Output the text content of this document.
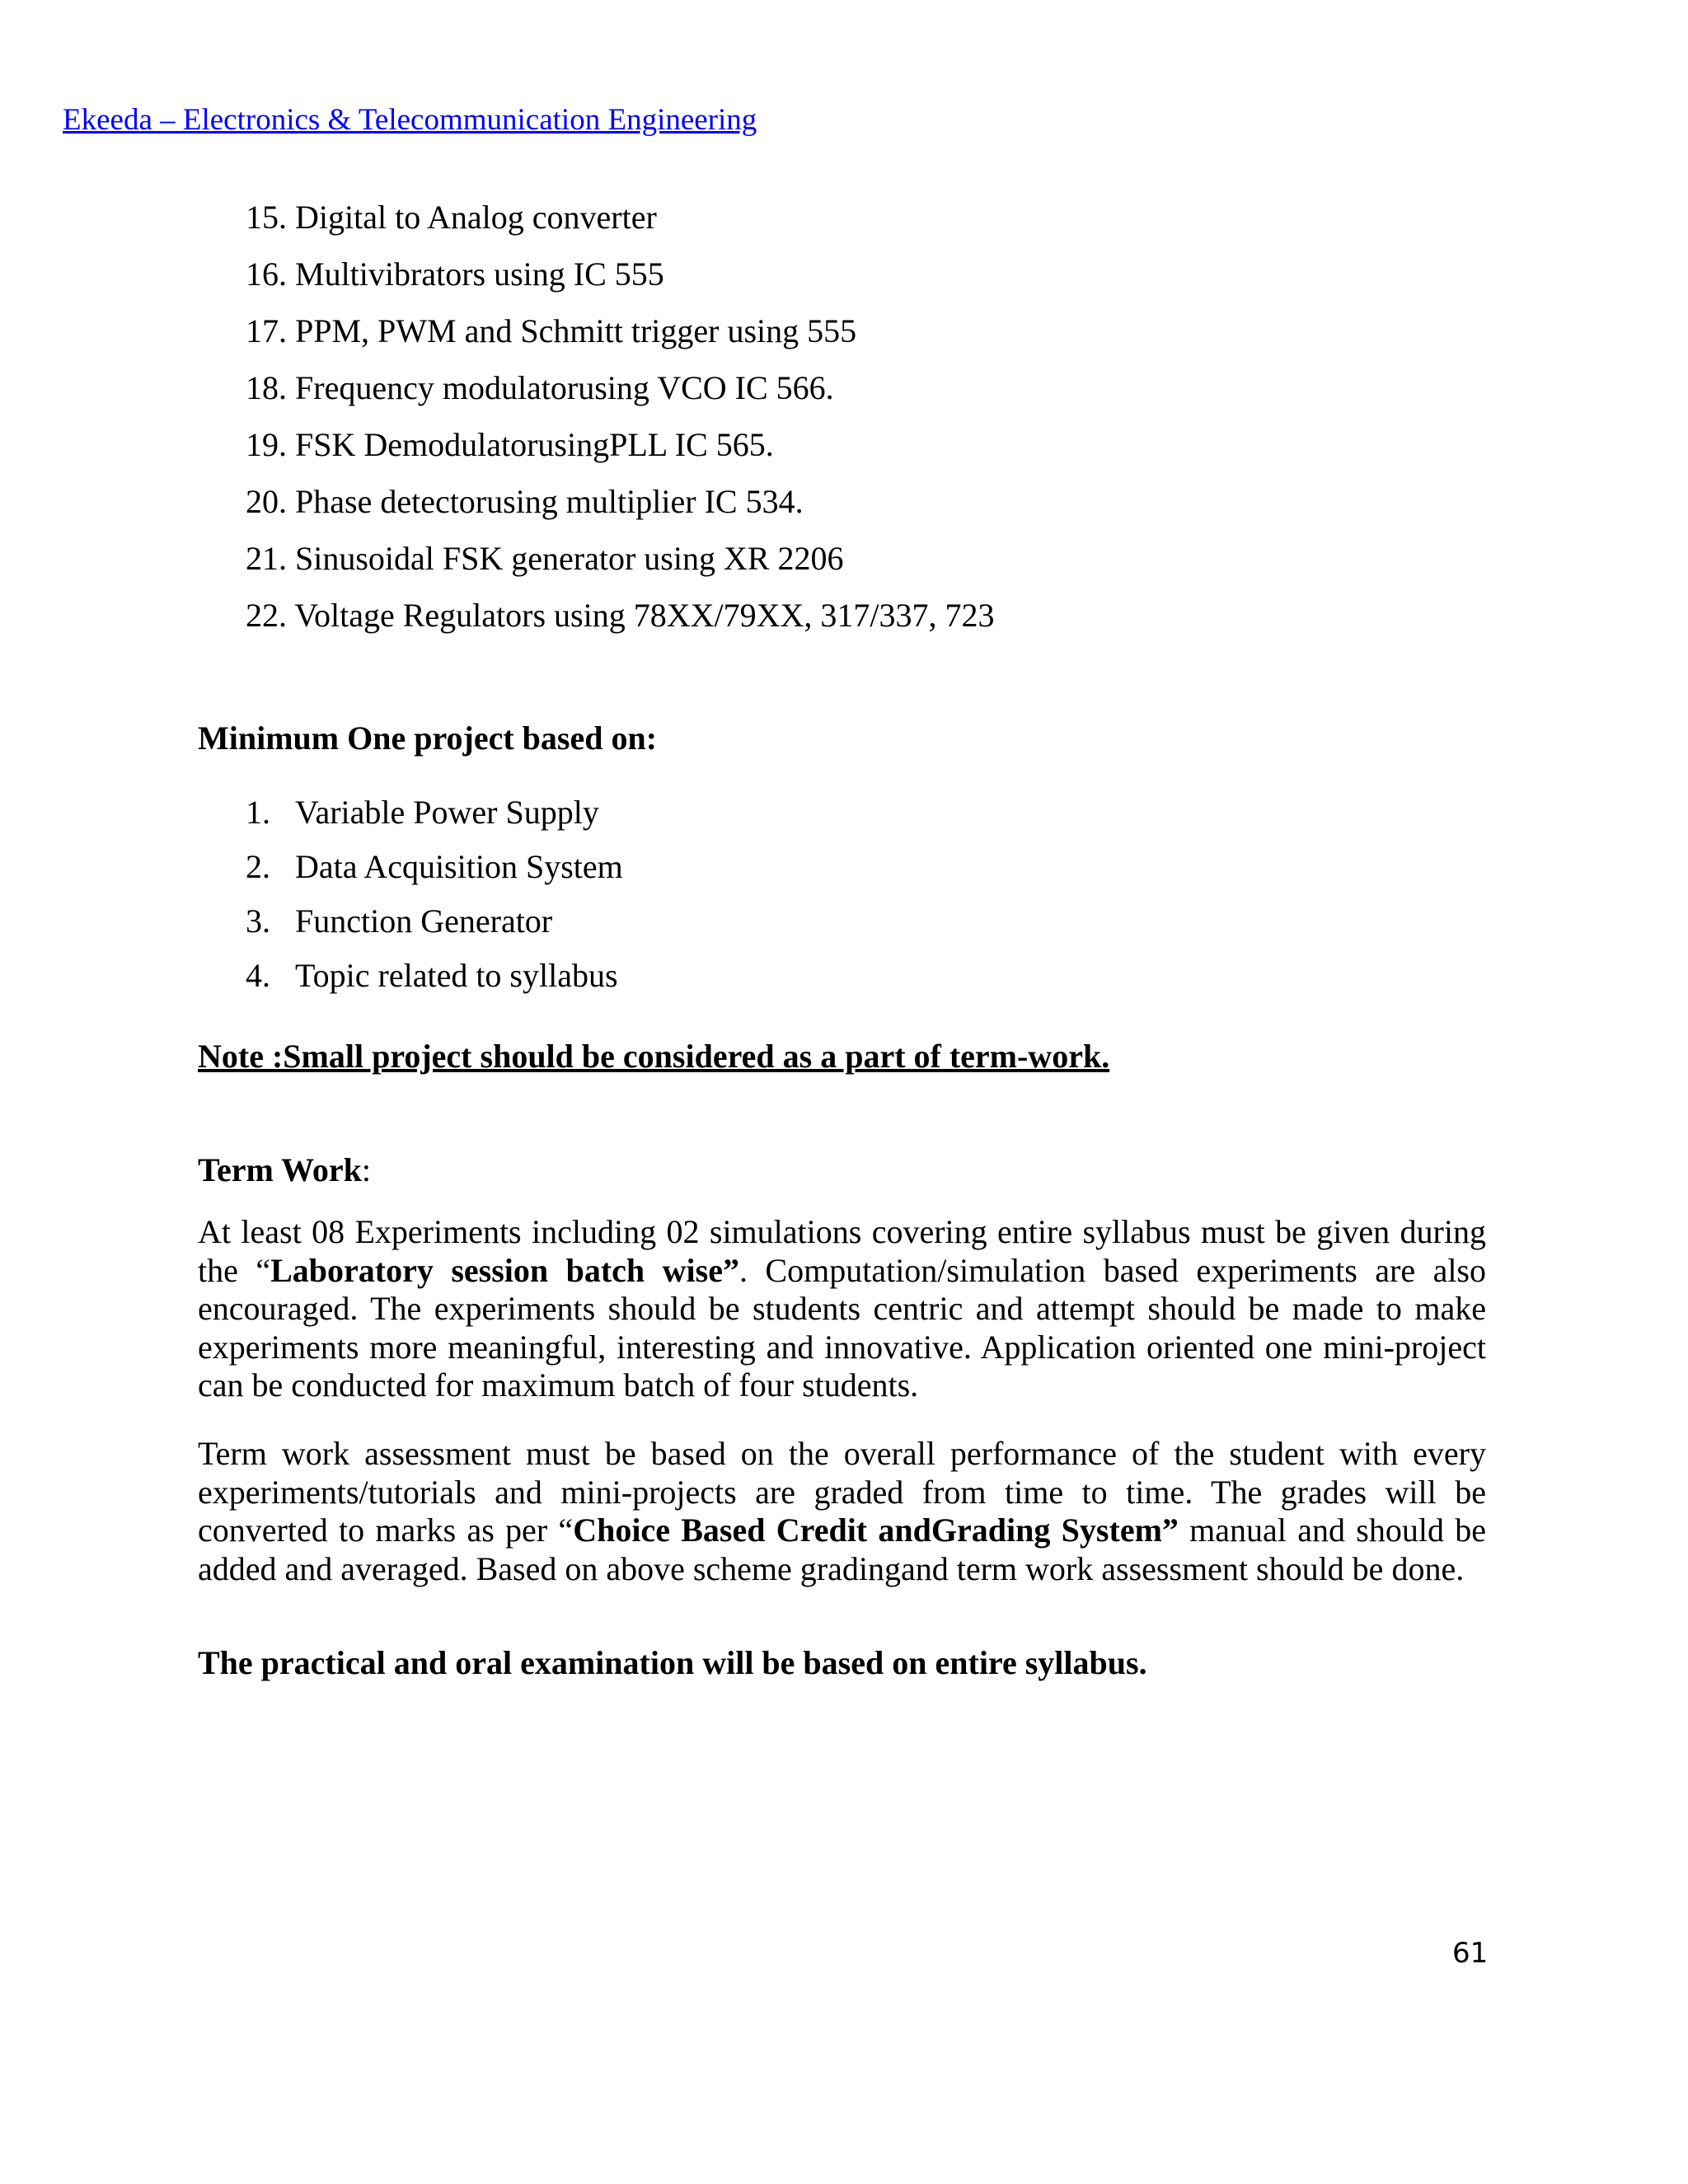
Ekeeda – Electronics & Telecommunication Engineering
15. Digital to Analog converter
16. Multivibrators using IC 555
17. PPM, PWM and Schmitt trigger using 555
18. Frequency modulatorusing VCO IC 566.
19. FSK DemodulatorusingPLL IC 565.
20. Phase detectorusing multiplier IC 534.
21. Sinusoidal FSK generator using XR 2206
22. Voltage Regulators using 78XX/79XX, 317/337, 723
Minimum One project based on:
1. Variable Power Supply
2. Data Acquisition System
3. Function Generator
4. Topic related to syllabus
Note :Small project should be considered as a part of term-work.
Term Work:

At least 08 Experiments including 02 simulations covering entire syllabus must be given during the “Laboratory session batch wise”. Computation/simulation based experiments are also encouraged. The experiments should be students centric and attempt should be made to make experiments more meaningful, interesting and innovative. Application oriented one mini-project can be conducted for maximum batch of four students.

Term work assessment must be based on the overall performance of the student with every experiments/tutorials and mini-projects are graded from time to time. The grades will be converted to marks as per “Choice Based Credit andGrading System” manual and should be added and averaged. Based on above scheme gradingand term work assessment should be done.

The practical and oral examination will be based on entire syllabus.
61
